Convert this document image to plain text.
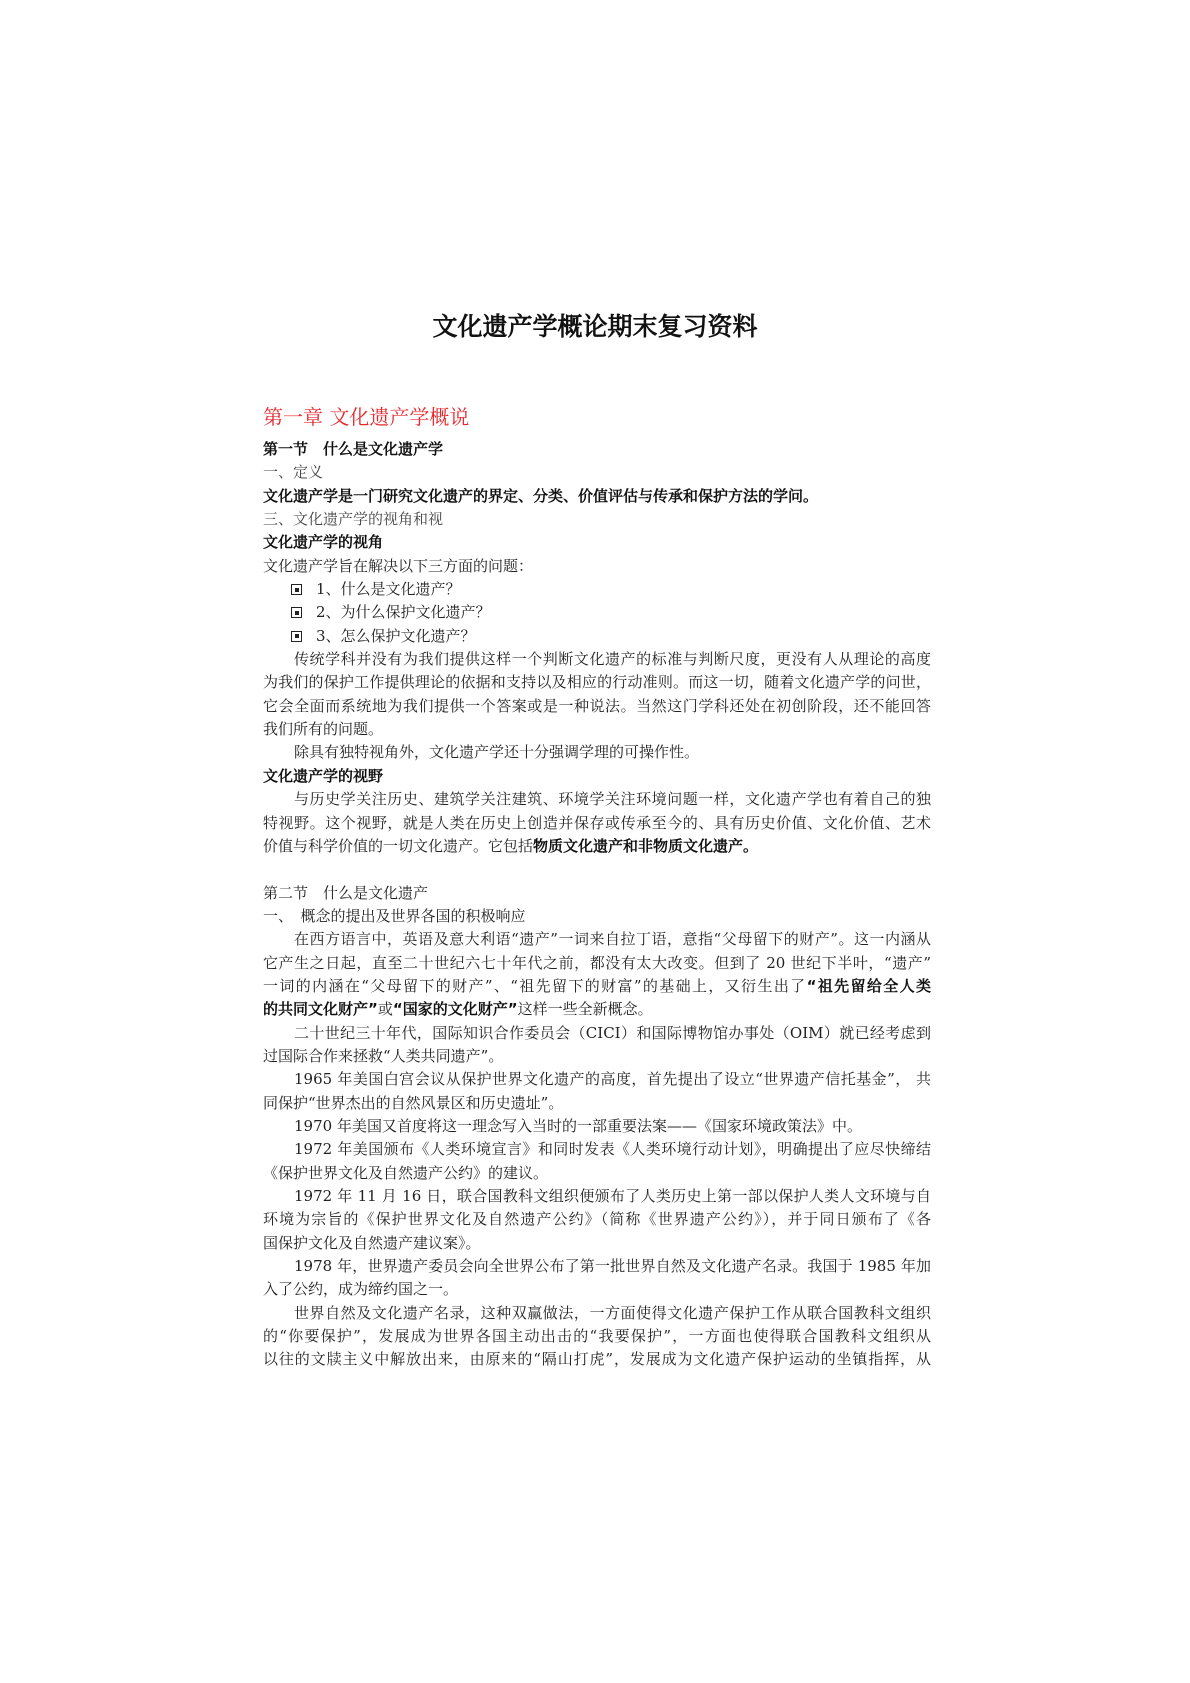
文化遗产学概论期末复习资料
第一章 文化遗产学概说
第一节　什么是文化遗产学
一、定义
文化遗产学是一门研究文化遗产的界定、分类、价值评估与传承和保护方法的学问。
三、文化遗产学的视角和视
文化遗产学的视角
文化遗产学旨在解决以下三方面的问题：
1、什么是文化遗产？
2、为什么保护文化遗产？
3、怎么保护文化遗产？
传统学科并没有为我们提供这样一个判断文化遗产的标准与判断尺度，更没有人从理论的高度
为我们的保护工作提供理论的依据和支持以及相应的行动准则。而这一切，随着文化遗产学的问世，
它会全面而系统地为我们提供一个答案或是一种说法。当然这门学科还处在初创阶段，还不能回答
我们所有的问题。
除具有独特视角外，文化遗产学还十分强调学理的可操作性。
文化遗产学的视野
与历史学关注历史、建筑学关注建筑、环境学关注环境问题一样，文化遗产学也有着自己的独
特视野。这个视野，就是人类在历史上创造并保存或传承至今的、具有历史价值、文化价值、艺术
价值与科学价值的一切文化遗产。它包括物质文化遗产和非物质文化遗产。
第二节　什么是文化遗产
一、　概念的提出及世界各国的积极响应
在西方语言中，英语及意大利语“遗产”一词来自拉丁语，意指“父母留下的财产”。这一内涵从
它产生之日起，直至二十世纪六七十年代之前，都没有太大改变。但到了 20 世纪下半叶，“遗产”
一词的内涵在“父母留下的财产”、“祖先留下的财富”的基础上，又衍生出了“祖先留给全人类
的共同文化财产”或“国家的文化财产”这样一些全新概念。
二十世纪三十年代，国际知识合作委员会（CICI）和国际博物馆办事处（OIM）就已经考虑到
过国际合作来拯救“人类共同遗产”。
1965 年美国白宫会议从保护世界文化遗产的高度，首先提出了设立“世界遗产信托基金”， 共
同保护“世界杰出的自然风景区和历史遗址”。
1970 年美国又首度将这一理念写入当时的一部重要法案——《国家环境政策法》中。
1972 年美国颁布《人类环境宣言》和同时发表《人类环境行动计划》，明确提出了应尽快缔结
《保护世界文化及自然遗产公约》的建议。
1972 年 11 月 16 日，联合国教科文组织便颁布了人类历史上第一部以保护人类人文环境与自
环境为宗旨的《保护世界文化及自然遗产公约》（简称《世界遗产公约》），并于同日颁布了《各
国保护文化及自然遗产建议案》。
1978 年，世界遗产委员会向全世界公布了第一批世界自然及文化遗产名录。我国于 1985 年加
入了公约，成为缔约国之一。
世界自然及文化遗产名录，这种双赢做法，一方面使得文化遗产保护工作从联合国教科文组织
的“你要保护”，发展成为世界各国主动出击的“我要保护”，一方面也使得联合国教科文组织从
以往的文牍主义中解放出来，由原来的“隔山打虎”，发展成为文化遗产保护运动的坐镇指挥，从
